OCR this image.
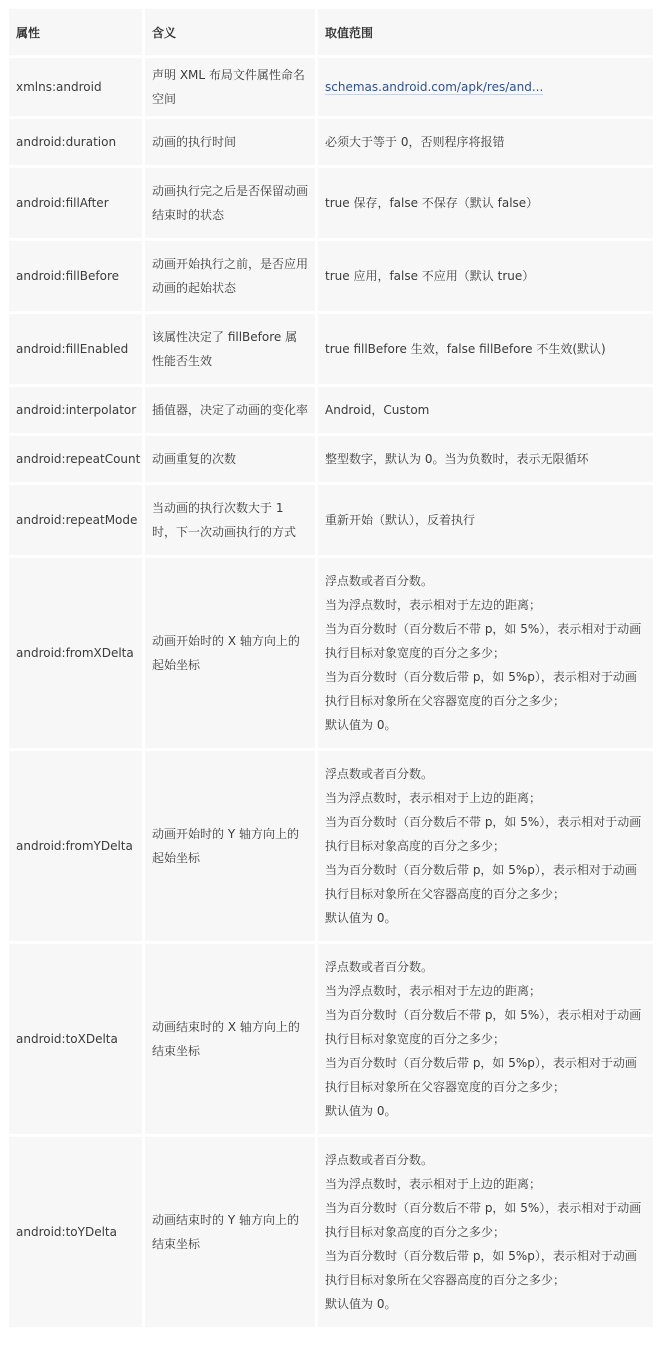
属性	含义	取值范围
xmlns:android	声明 XML 布局文件属性命名空间	schemas.android.com/apk/res/and...
android:duration	动画的执行时间	必须大于等于 0，否则程序将报错

android:fillAfter	动画执行完之后是否保留动画结束时的状态	true 保存，false 不保存（默认 false）

android:fillBefore	动画开始执行之前，是否应用动画的起始状态	true 应用，false 不应用（默认 true）

android:fillEnabled	该属性决定了 fillBefore 属性能否生效	true fillBefore 生效，false fillBefore 不生效(默认)

android:interpolator	插值器，决定了动画的变化率	Android，Custom

android:repeatCount	动画重复的次数	整型数字，默认为 0。当为负数时，表示无限循环

android:repeatMode	当动画的执行次数大于 1 时，下一次动画执行的方式	重新开始（默认），反着执行

android:fromXDelta	动画开始时的 X 轴方向上的起始坐标	浮点数或者百分数。
当为浮点数时，表示相对于左边的距离；
当为百分数时（百分数后不带 p，如 5%），表示相对于动画执行目标对象宽度的百分之多少；
当为百分数时（百分数后带 p，如 5%p），表示相对于动画执行目标对象所在父容器宽度的百分之多少；
默认值为 0。

android:fromYDelta	动画开始时的 Y 轴方向上的起始坐标	浮点数或者百分数。
当为浮点数时，表示相对于上边的距离；
当为百分数时（百分数后不带 p，如 5%），表示相对于动画执行目标对象高度的百分之多少；
当为百分数时（百分数后带 p，如 5%p），表示相对于动画执行目标对象所在父容器高度的百分之多少；
默认值为 0。

android:toXDelta	动画结束时的 X 轴方向上的结束坐标	浮点数或者百分数。
当为浮点数时，表示相对于左边的距离；
当为百分数时（百分数后不带 p，如 5%），表示相对于动画执行目标对象宽度的百分之多少；
当为百分数时（百分数后带 p，如 5%p），表示相对于动画执行目标对象所在父容器宽度的百分之多少；
默认值为 0。

android:toYDelta	动画结束时的 Y 轴方向上的结束坐标	浮点数或者百分数。
当为浮点数时，表示相对于上边的距离；
当为百分数时（百分数后不带 p，如 5%），表示相对于动画执行目标对象高度的百分之多少；
当为百分数时（百分数后带 p，如 5%p），表示相对于动画执行目标对象所在父容器高度的百分之多少；
默认值为 0。
